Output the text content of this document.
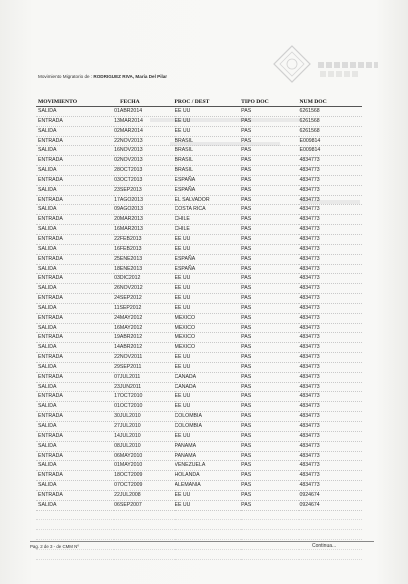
Movimiento Migratorio de : RODRIGUEZ RIVA, Maria Del Pilar
MOVIMIENTO	FECHA	PROC / DEST	TIPO DOC	NUM DOC
SALIDA	01ABR2014	EE UU	PAS	6261568
ENTRADA	13MAR2014	EE UU	PAS	6261568
SALIDA	02MAR2014	EE UU	PAS	6261568
ENTRADA	22NOV2013	BRASIL	PAS	E009814
SALIDA	16NOV2013	BRASIL	PAS	E009814
ENTRADA	02NOV2013	BRASIL	PAS	4834773
SALIDA	28OCT2013	BRASIL	PAS	4834773
ENTRADA	03OCT2013	ESPAÑA	PAS	4834773
SALIDA	23SEP2013	ESPAÑA	PAS	4834773
ENTRADA	17AGO2013	EL SALVADOR	PAS	4834773
SALIDA	09AGO2013	COSTA RICA	PAS	4834773
ENTRADA	20MAR2013	CHILE	PAS	4834773
SALIDA	16MAR2013	CHILE	PAS	4834773
ENTRADA	22FEB2013	EE UU	PAS	4834773
SALIDA	16FEB2013	EE UU	PAS	4834773
ENTRADA	25ENE2013	ESPAÑA	PAS	4834773
SALIDA	18ENE2013	ESPAÑA	PAS	4834773
ENTRADA	03DIC2012	EE UU	PAS	4834773
SALIDA	26NOV2012	EE UU	PAS	4834773
ENTRADA	24SEP2012	EE UU	PAS	4834773
SALIDA	11SEP2012	EE UU	PAS	4834773
ENTRADA	24MAY2012	MEXICO	PAS	4834773
SALIDA	16MAY2012	MEXICO	PAS	4834773
ENTRADA	19ABR2012	MEXICO	PAS	4834773
SALIDA	14ABR2012	MEXICO	PAS	4834773
ENTRADA	22NOV2011	EE UU	PAS	4834773
SALIDA	29SEP2011	EE UU	PAS	4834773
ENTRADA	07JUL2011	CANADA	PAS	4834773
SALIDA	23JUN2011	CANADA	PAS	4834773
ENTRADA	17OCT2010	EE UU	PAS	4834773
SALIDA	01OCT2010	EE UU	PAS	4834773
ENTRADA	30JUL2010	COLOMBIA	PAS	4834773
SALIDA	27JUL2010	COLOMBIA	PAS	4834773
ENTRADA	14JUL2010	EE UU	PAS	4834773
SALIDA	08JUL2010	PANAMA	PAS	4834773
ENTRADA	06MAY2010	PANAMA	PAS	4834773
SALIDA	01MAY2010	VENEZUELA	PAS	4834773
ENTRADA	18OCT2009	HOLANDA	PAS	4834773
SALIDA	07OCT2009	ALEMANIA	PAS	4834773
ENTRADA	22JUL2008	EE UU	PAS	0924674
SALIDA	06SEP2007	EE UU	PAS	0924674

Pag. 2 de 3 - de CMM Nº	Continua...
